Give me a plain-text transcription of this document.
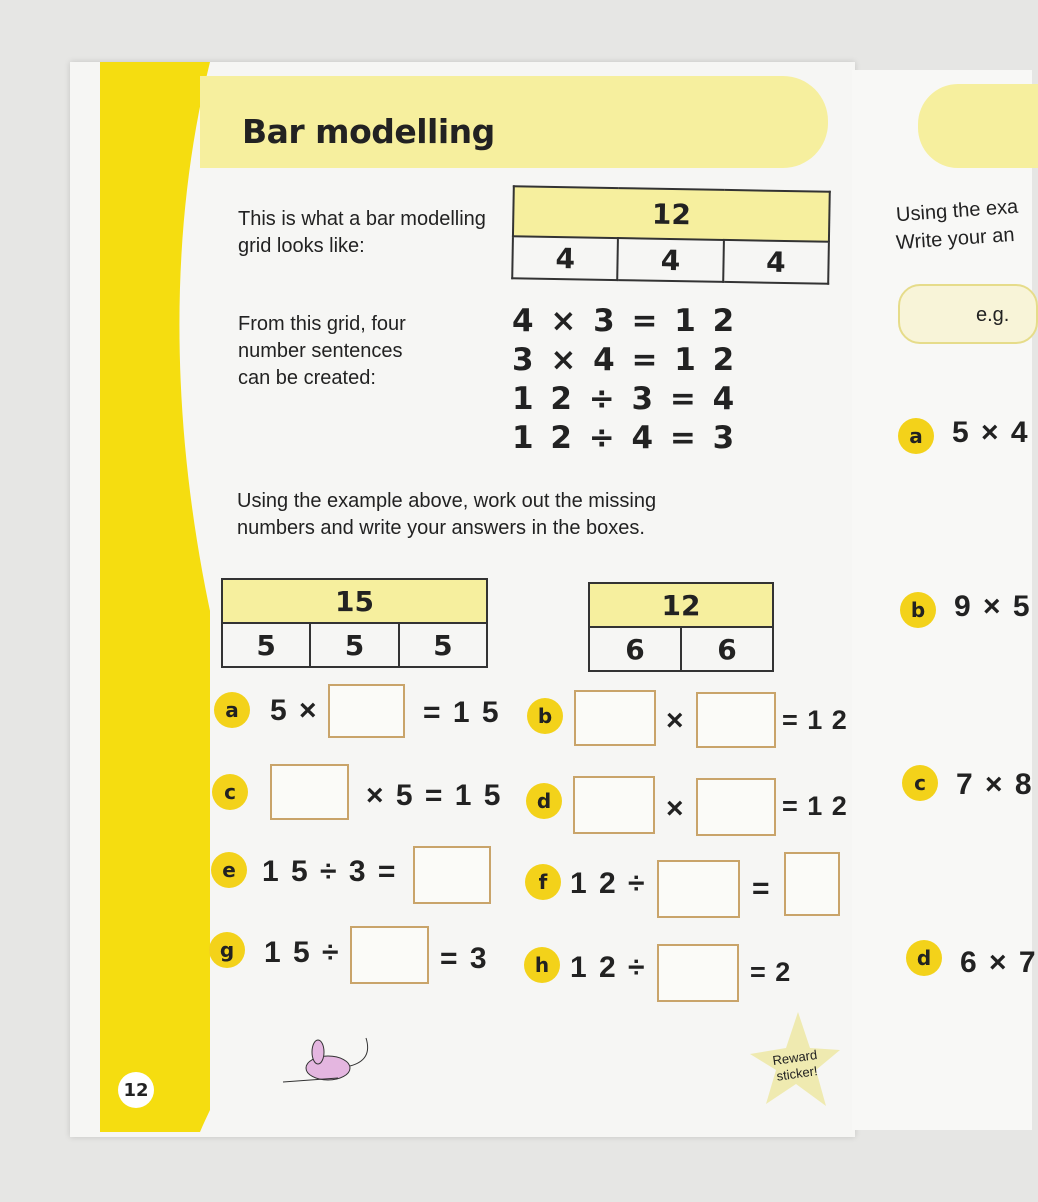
Bar modelling
This is what a bar modelling grid looks like:
12
4	4	4
From this grid, four number sentences can be created:
4 × 3 = 1 2
3 × 4 = 1 2
1 2 ÷ 3 = 4
1 2 ÷ 4 = 3
Using the example above, work out the missing numbers and write your answers in the boxes.
15
5	5	5
12
6	6
a	5 ×	= 1 5	b	×	= 1 2
c	× 5 = 1 5	d	×	= 1 2
e 1 5 ÷ 3 =	f 1 2 ÷	=
g 1 5 ÷	= 3	h 1 2 ÷	= 2
Reward sticker!
12
Using the exa
Write your an
e.g.
a 5 × 4
b 9 × 5
c	7 × 8
d 6 × 7
